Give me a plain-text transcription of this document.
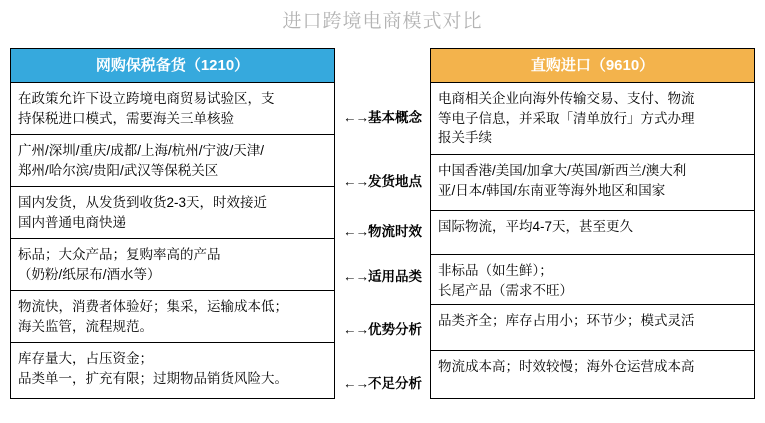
进口跨境电商模式对比
网购保税备货（1210）
在政策允许下设立跨境电商贸易试验区，支
持保税进口模式，需要海关三单核验
广州/深圳/重庆/成都/上海/杭州/宁波/天津/
郑州/哈尔滨/贵阳/武汉等保税关区
国内发货，从发货到收货2-3天，时效接近
国内普通电商快递
标品；大众产品；复购率高的产品
（奶粉/纸尿布/酒水等）
物流快，消费者体验好；集采，运输成本低；
海关监管，流程规范。
库存量大，占压资金；
品类单一，扩充有限；过期物品销货风险大。
直购进口（9610）
电商相关企业向海外传输交易、支付、物流
等电子信息，并采取「清单放行」方式办理
报关手续
中国香港/美国/加拿大/英国/新西兰/澳大利
亚/日本/韩国/东南亚等海外地区和国家
国际物流，平均4-7天，甚至更久
非标品（如生鲜）；
长尾产品（需求不旺）
品类齐全；库存占用小；环节少；模式灵活
物流成本高；时效较慢；海外仓运营成本高
←→基本概念
←→发货地点
←→物流时效
←→适用品类
←→优势分析
←→不足分析
